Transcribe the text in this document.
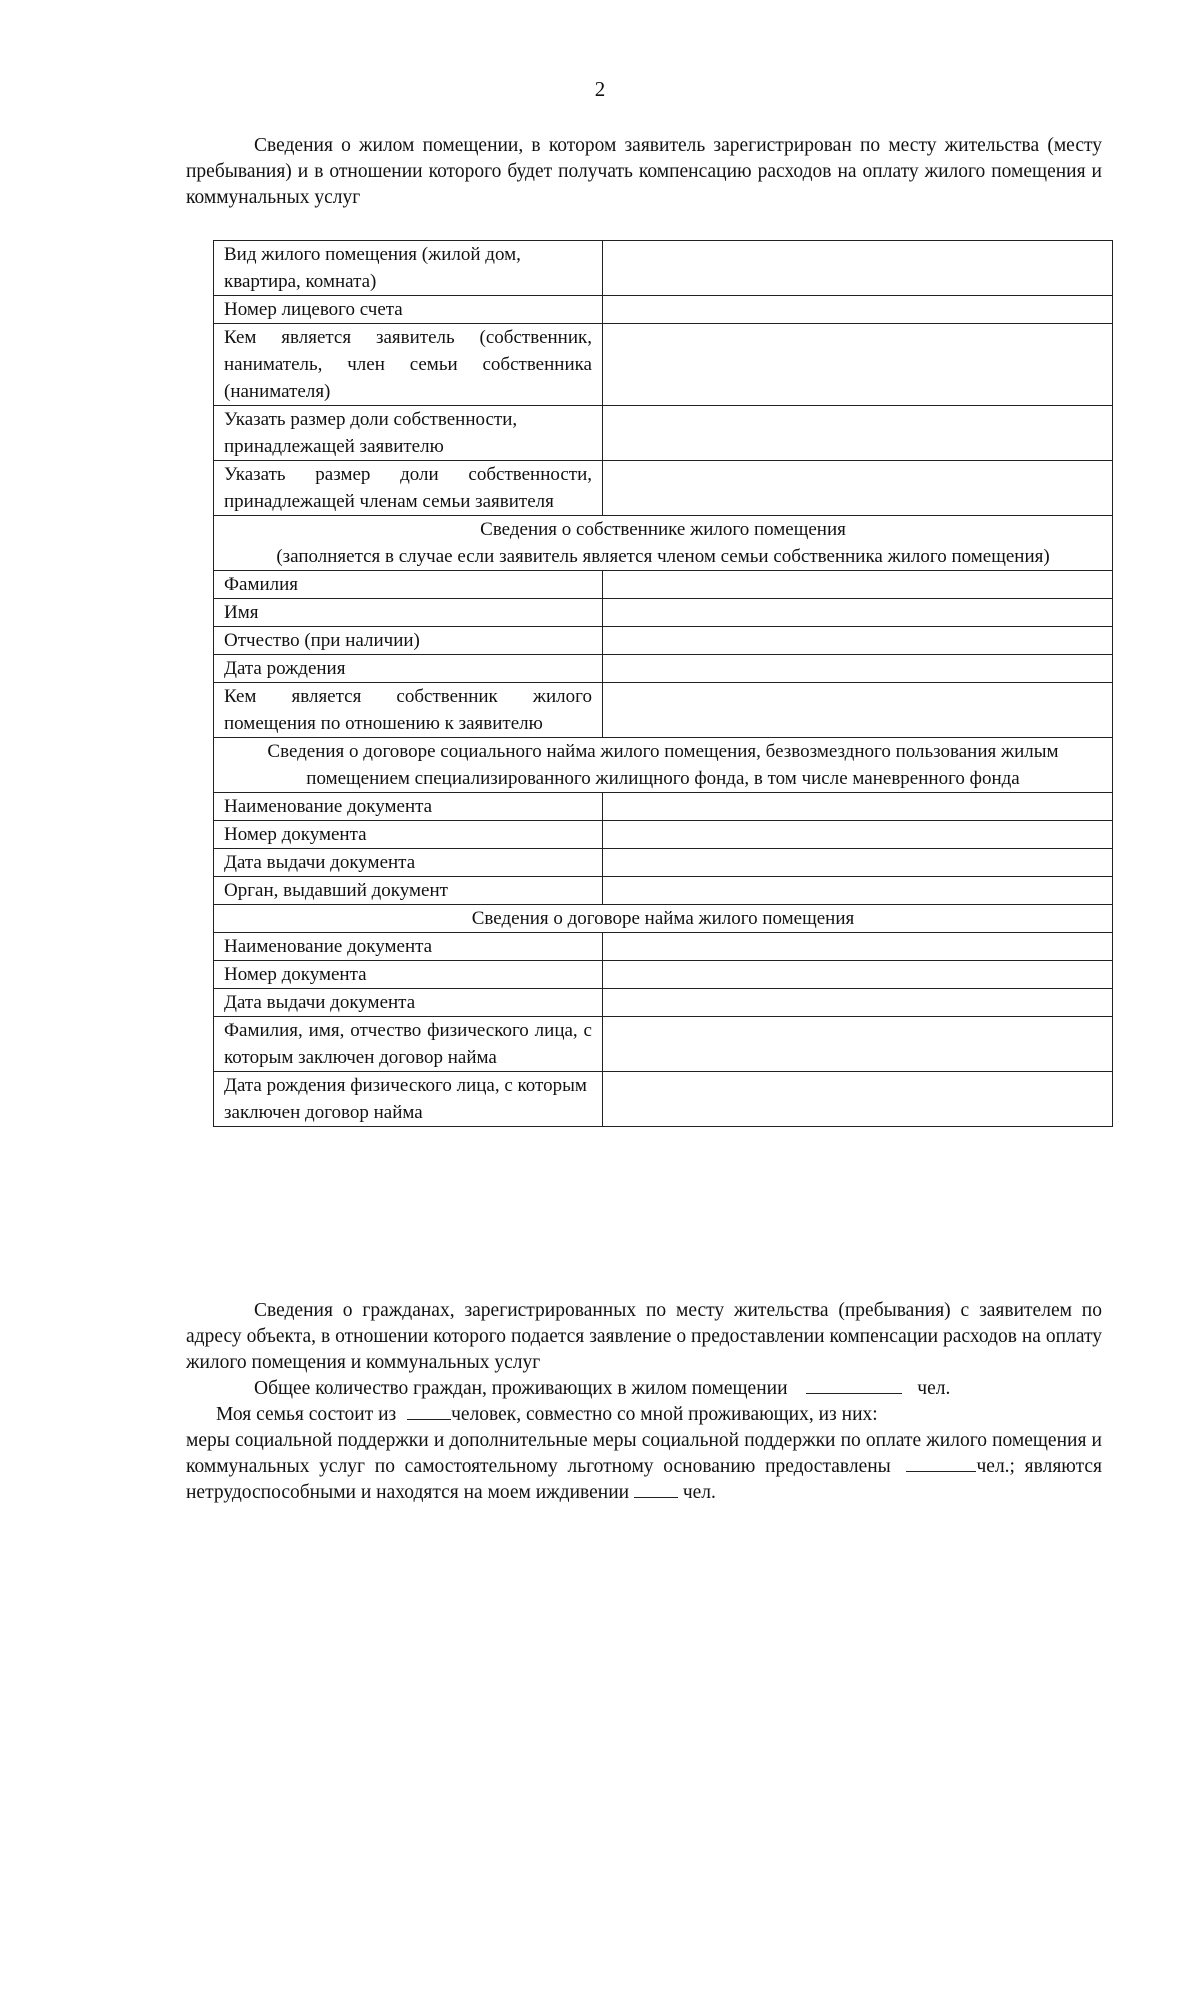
2
Сведения о жилом помещении, в котором заявитель зарегистрирован по месту жительства (месту пребывания) и в отношении которого будет получать компенсацию расходов на оплату жилого помещения и коммунальных услуг
Вид жилого помещения (жилой дом, квартира, комната)	
Номер лицевого счета	
Кем является заявитель (собственник, наниматель, член семьи собственника (нанимателя)	
Указать размер доли собственности, принадлежащей заявителю	
Указать размер доли собственности, принадлежащей членам семьи заявителя	

Сведения о собственнике жилого помещения
(заполняется в случае если заявитель является членом семьи собственника жилого помещения)	

Фамилия	
Имя	
Отчество (при наличии)	
Дата рождения	
Кем является собственник жилого помещения по отношению к заявителю	
Сведения о договоре социального найма жилого помещения, безвозмездного пользования жилым помещением специализированного жилищного фонда, в том числе маневренного фонда	
Наименование документа	
Номер документа	
Дата выдачи документа	
Орган, выдавший документ	
Сведения о договоре найма жилого помещения	
Наименование документа	
Номер документа	
Дата выдачи документа	
Фамилия, имя, отчество физического лица, с которым заключен договор найма	
Дата рождения физического лица, с которым заключен договор найма	

Сведения о гражданах, зарегистрированных по месту жительства (пребывания) с заявителем по адресу объекта, в отношении которого подается заявление о предоставлении компенсации расходов на оплату жилого помещения и коммунальных услуг

Общее количество граждан, проживающих в жилом помещении	чел.

Моя семья состоит из	человек, совместно со мной проживающих, из них:

меры социальной поддержки и дополнительные меры социальной поддержки по оплате жилого помещения и коммунальных услуг по самостоятельному льготному основанию предоставлены	чел.; являются нетрудоспособными и находятся на моем иждивении	чел.
